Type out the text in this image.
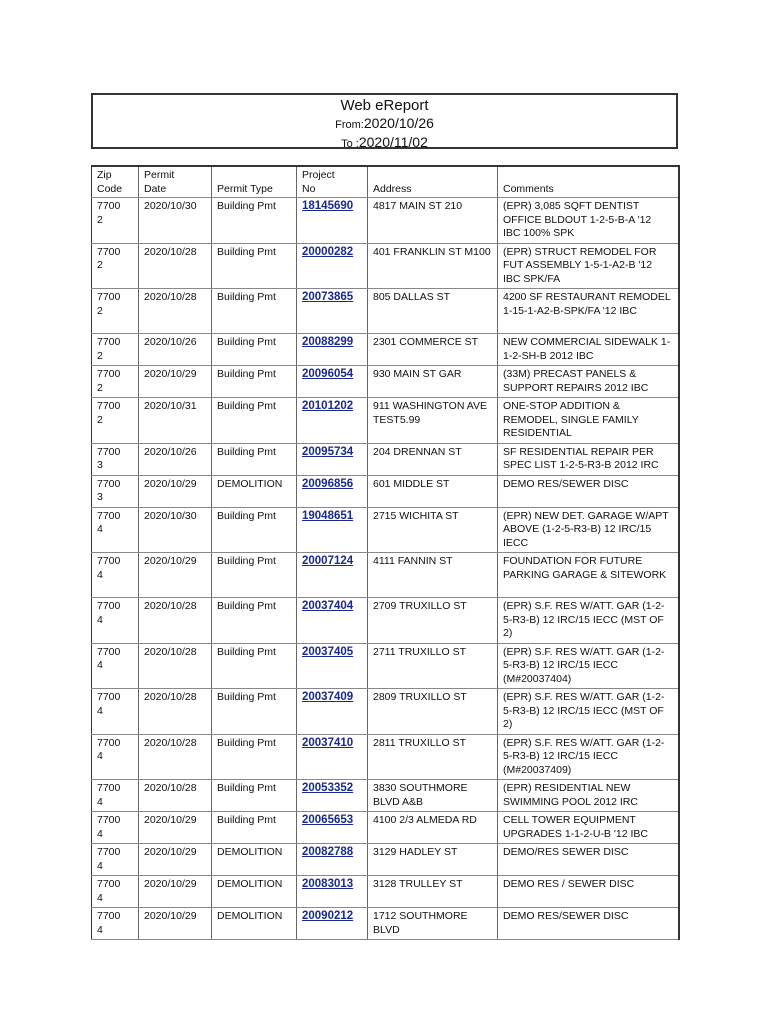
Web eReport
From:2020/10/26
To :2020/11/02
Zip
Code	Permit
Date	Permit Type	Project
No	Address	Comments
7700
2	2020/10/30	Building Pmt	18145690	4817 MAIN ST 210	(EPR) 3,085 SQFT DENTIST OFFICE BLDOUT 1-2-5-B-A '12 IBC 100% SPK
7700
2	2020/10/28	Building Pmt	20000282	401 FRANKLIN ST M100	(EPR) STRUCT REMODEL FOR FUT ASSEMBLY 1-5-1-A2-B '12 IBC SPK/FA
7700
2	2020/10/28	Building Pmt	20073865	805 DALLAS ST	4200 SF RESTAURANT REMODEL 1-15-1-A2-B-SPK/FA '12 IBC
7700
2	2020/10/26	Building Pmt	20088299	2301 COMMERCE ST	NEW COMMERCIAL SIDEWALK 1-1-2-SH-B 2012 IBC
7700
2	2020/10/29	Building Pmt	20096054	930 MAIN ST GAR	(33M) PRECAST PANELS & SUPPORT REPAIRS 2012 IBC
7700
2	2020/10/31	Building Pmt	20101202	911 WASHINGTON AVE TEST5.99	ONE-STOP ADDITION & REMODEL, SINGLE FAMILY RESIDENTIAL
7700
3	2020/10/26	Building Pmt	20095734	204 DRENNAN ST	SF RESIDENTIAL REPAIR PER SPEC LIST 1-2-5-R3-B 2012 IRC
7700
3	2020/10/29	DEMOLITION	20096856	601 MIDDLE ST	DEMO RES/SEWER DISC
7700
4	2020/10/30	Building Pmt	19048651	2715 WICHITA ST	(EPR) NEW DET. GARAGE W/APT ABOVE (1-2-5-R3-B) 12 IRC/15 IECC
7700
4	2020/10/29	Building Pmt	20007124	4111 FANNIN ST	FOUNDATION FOR FUTURE PARKING GARAGE & SITEWORK
7700
4	2020/10/28	Building Pmt	20037404	2709 TRUXILLO ST	(EPR) S.F. RES W/ATT. GAR (1-2-5-R3-B) 12 IRC/15 IECC (MST OF 2)
7700
4	2020/10/28	Building Pmt	20037405	2711 TRUXILLO ST	(EPR) S.F. RES W/ATT. GAR (1-2-5-R3-B) 12 IRC/15 IECC (M#20037404)
7700
4	2020/10/28	Building Pmt	20037409	2809 TRUXILLO ST	(EPR) S.F. RES W/ATT. GAR (1-2-5-R3-B) 12 IRC/15 IECC (MST OF 2)
7700
4	2020/10/28	Building Pmt	20037410	2811 TRUXILLO ST	(EPR) S.F. RES W/ATT. GAR (1-2-5-R3-B) 12 IRC/15 IECC (M#20037409)
7700
4	2020/10/28	Building Pmt	20053352	3830 SOUTHMORE BLVD A&B	(EPR) RESIDENTIAL NEW SWIMMING POOL 2012 IRC
7700
4	2020/10/29	Building Pmt	20065653	4100 2/3 ALMEDA RD	CELL TOWER EQUIPMENT UPGRADES 1-1-2-U-B '12 IBC
7700
4	2020/10/29	DEMOLITION	20082788	3129 HADLEY ST	DEMO/RES SEWER DISC
7700
4	2020/10/29	DEMOLITION	20083013	3128 TRULLEY ST	DEMO RES / SEWER DISC
7700
4	2020/10/29	DEMOLITION	20090212	1712 SOUTHMORE BLVD	DEMO RES/SEWER DISC
